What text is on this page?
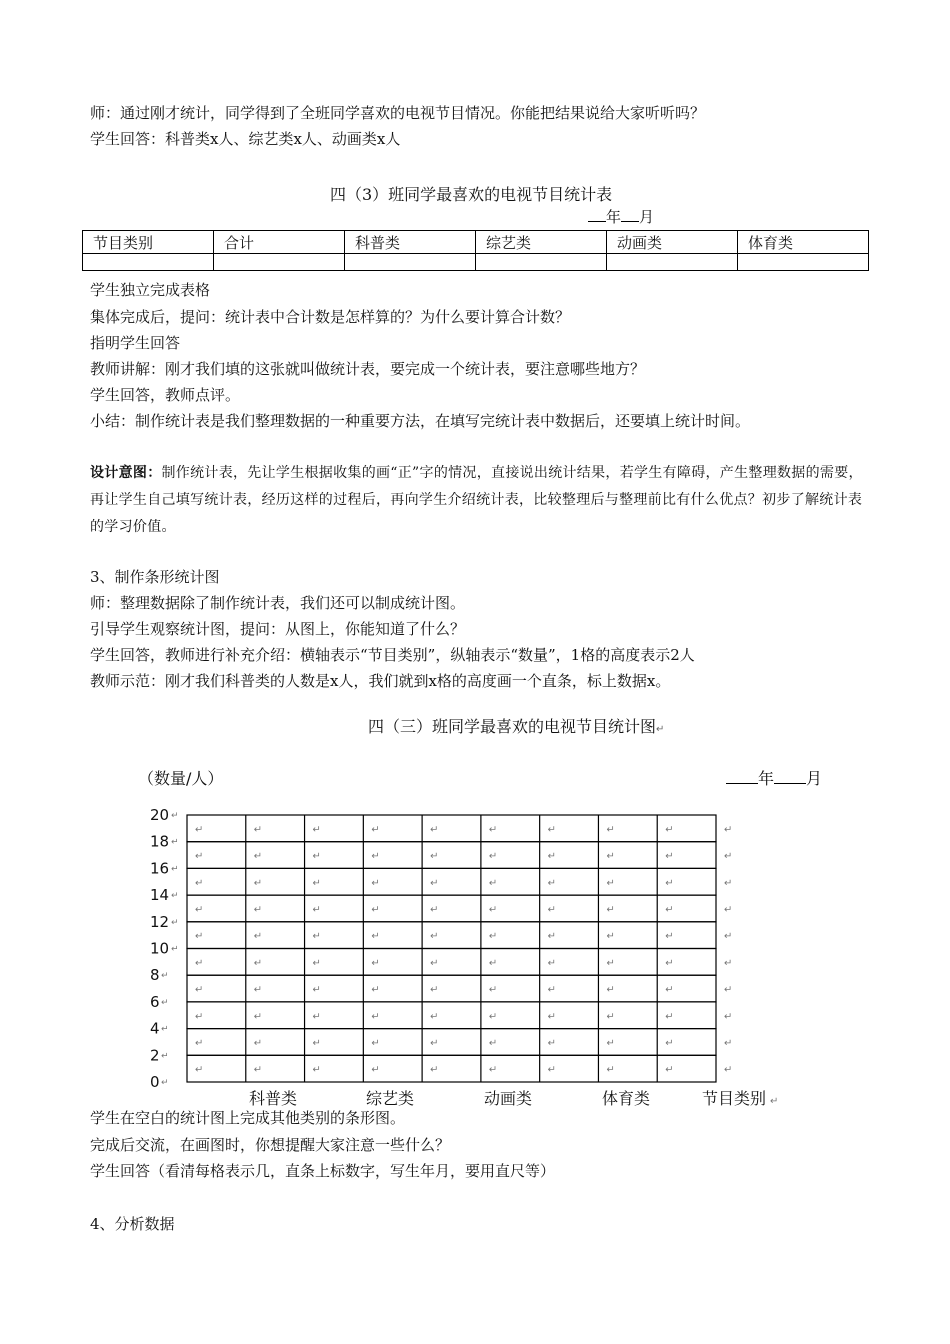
师：通过刚才统计，同学得到了全班同学喜欢的电视节目情况。你能把结果说给大家听听吗？
学生回答：科普类x人、综艺类x人、动画类x人
四（3）班同学最喜欢的电视节目统计表
年 月
节目类别	合计	科普类	综艺类	动画类	体育类

学生独立完成表格
集体完成后，提问：统计表中合计数是怎样算的？为什么要计算合计数？
指明学生回答
教师讲解：刚才我们填的这张就叫做统计表，要完成一个统计表，要注意哪些地方？
学生回答，教师点评。
小结：制作统计表是我们整理数据的一种重要方法，在填写完统计表中数据后，还要填上统计时间。
设计意图：制作统计表，先让学生根据收集的画“正”字的情况，直接说出统计结果，若学生有障碍，产生整理数据的需要，再让学生自己填写统计表，经历这样的过程后，再向学生介绍统计表，比较整理后与整理前比有什么优点？初步了解统计表的学习价值。
3、制作条形统计图
师：整理数据除了制作统计表，我们还可以制成统计图。
引导学生观察统计图，提问：从图上，你能知道了什么？
学生回答，教师进行补充介绍：横轴表示“节目类别”，纵轴表示“数量”，1格的高度表示2人
教师示范：刚才我们科普类的人数是x人，我们就到x格的高度画一个直条，标上数据x。
四（三）班同学最喜欢的电视节目统计图↵
（数量/人）	年 月
↵	↵	↵	↵	↵	↵	↵	↵	↵	↵
↵	↵	↵	↵	↵	↵	↵	↵	↵	↵
↵	↵	↵	↵	↵	↵	↵	↵	↵	↵
↵	↵	↵	↵	↵	↵	↵	↵	↵	↵
↵	↵	↵	↵	↵	↵	↵	↵	↵	↵
↵	↵	↵	↵	↵	↵	↵	↵	↵	↵
↵	↵	↵	↵	↵	↵	↵	↵	↵	↵
↵	↵	↵	↵	↵	↵	↵	↵	↵	↵
↵	↵	↵	↵	↵	↵	↵	↵	↵	↵
↵	↵	↵	↵	↵	↵	↵	↵	↵	↵
20 ↵
18 ↵
16 ↵
14 ↵
12 ↵
10 ↵
8 ↵
6 ↵
4 ↵
2 ↵
0 ↵
科普类	综艺类	动画类	体育类	节目类别 ↵
学生在空白的统计图上完成其他类别的条形图。
完成后交流，在画图时，你想提醒大家注意一些什么？
学生回答（看清每格表示几，直条上标数字，写生年月，要用直尺等）
4、分析数据
